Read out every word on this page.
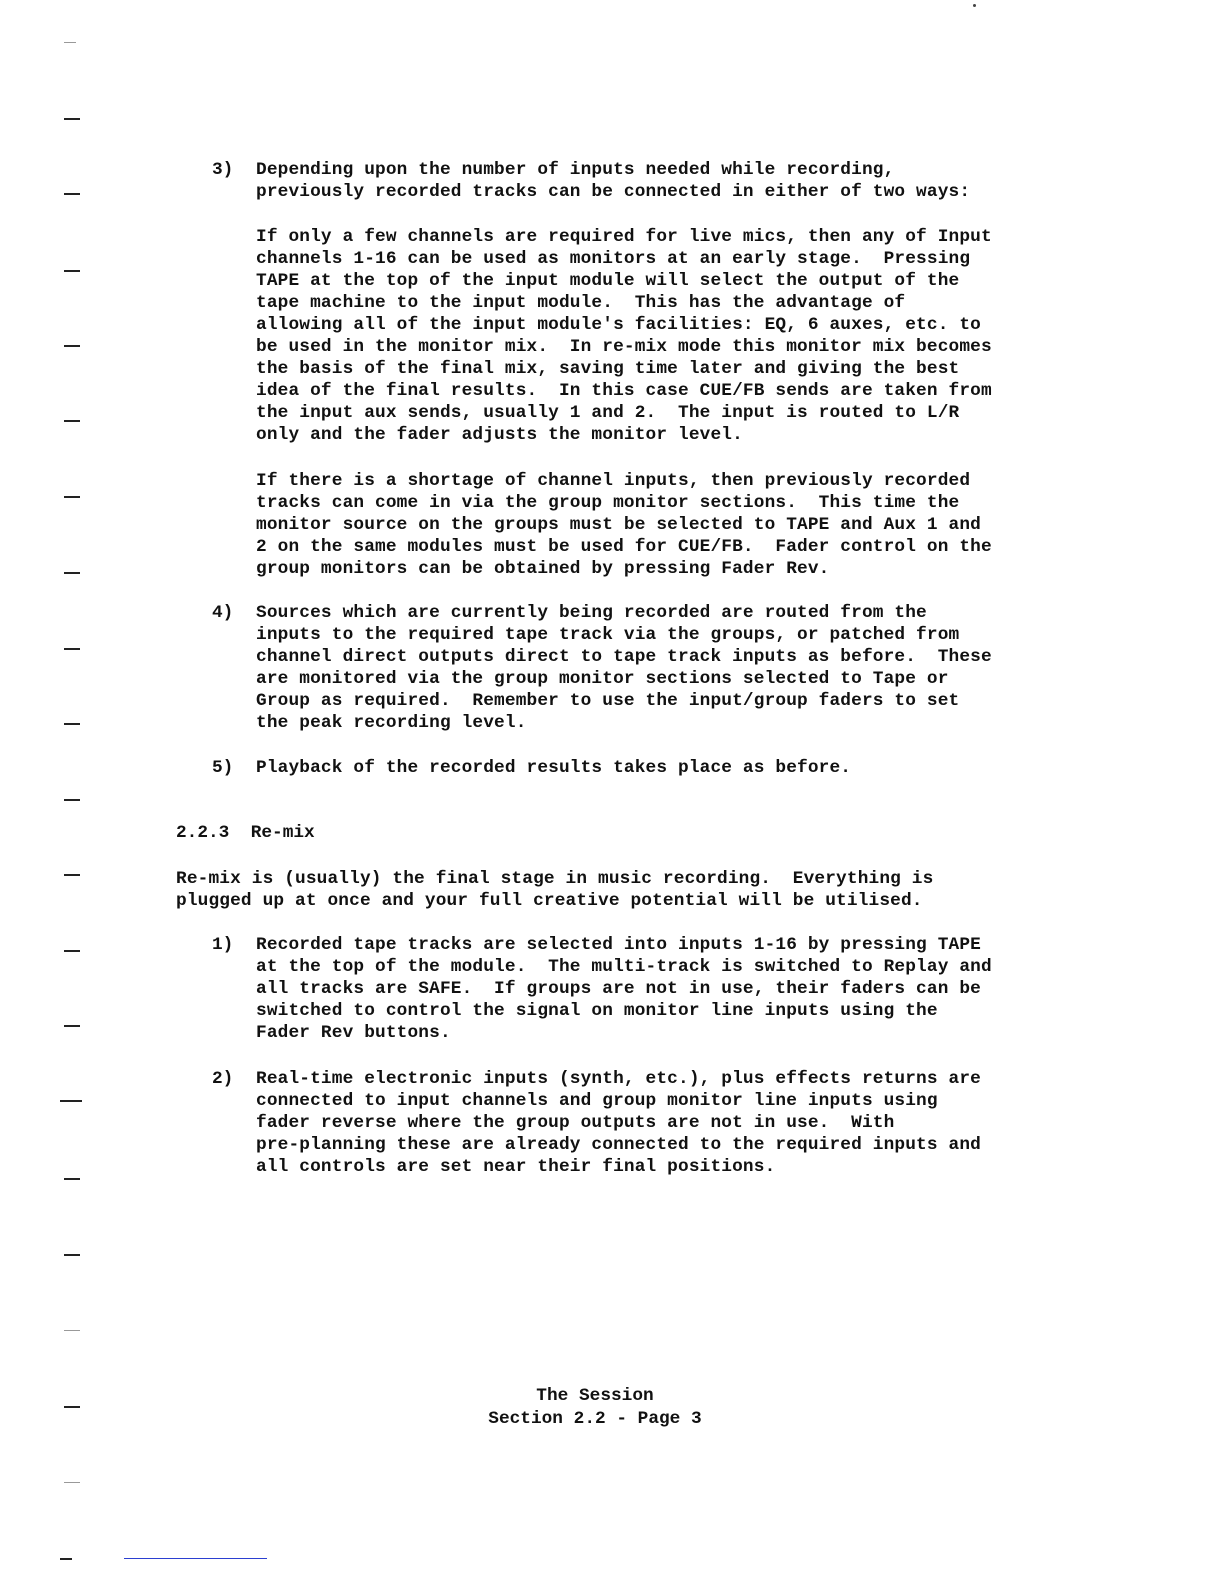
3) Depending upon the number of inputs needed while recording,

previously recorded tracks can be connected in either of two ways:

If only a few channels are required for live mics, then any of Input

channels 1-16 can be used as monitors at an early stage.  Pressing

TAPE at the top of the input module will select the output of the

tape machine to the input module.  This has the advantage of

allowing all of the input module's facilities: EQ, 6 auxes, etc. to

be used in the monitor mix.  In re-mix mode this monitor mix becomes

the basis of the final mix, saving time later and giving the best

idea of the final results.  In this case CUE/FB sends are taken from

the input aux sends, usually 1 and 2.  The input is routed to L/R

only and the fader adjusts the monitor level.

If there is a shortage of channel inputs, then previously recorded

tracks can come in via the group monitor sections.  This time the

monitor source on the groups must be selected to TAPE and Aux 1 and

2 on the same modules must be used for CUE/FB.  Fader control on the

group monitors can be obtained by pressing Fader Rev.

4) Sources which are currently being recorded are routed from the

inputs to the required tape track via the groups, or patched from

channel direct outputs direct to tape track inputs as before.  These

are monitored via the group monitor sections selected to Tape or

Group as required.  Remember to use the input/group faders to set

the peak recording level.

5) Playback of the recorded results takes place as before.

2.2.3 Re-mix

Re-mix is (usually) the final stage in music recording.  Everything is

plugged up at once and your full creative potential will be utilised.

1) Recorded tape tracks are selected into inputs 1-16 by pressing TAPE

at the top of the module.  The multi-track is switched to Replay and

all tracks are SAFE.  If groups are not in use, their faders can be

switched to control the signal on monitor line inputs using the

Fader Rev buttons.

2) Real-time electronic inputs (synth, etc.), plus effects returns are

connected to input channels and group monitor line inputs using

fader reverse where the group outputs are not in use.  With

pre-planning these are already connected to the required inputs and

all controls are set near their final positions.

The Session

Section 2.2 - Page 3
